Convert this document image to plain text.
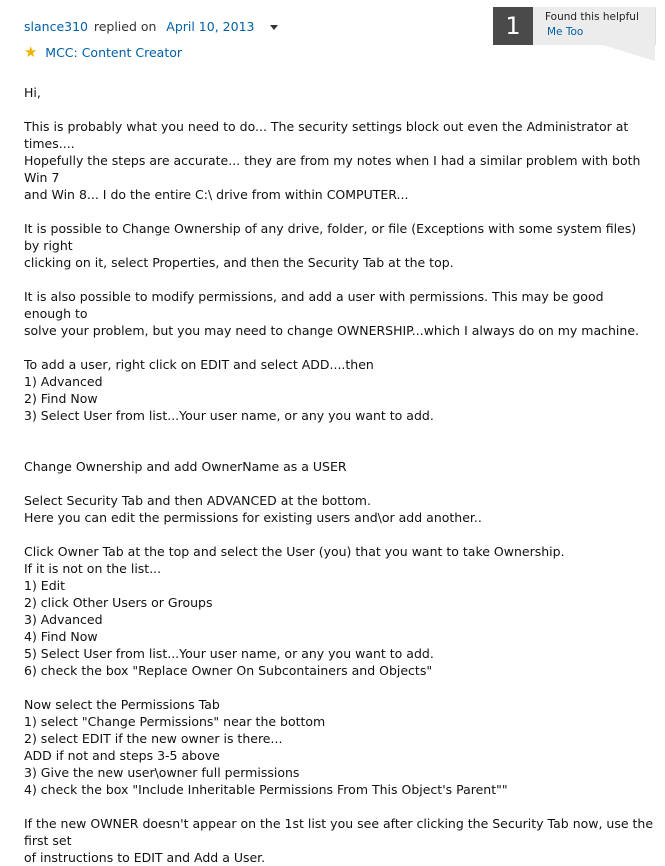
slance310 replied on April 10, 2013
★ MCC: Content Creator
1	Found this helpful
Me Too

Hi,

This is probably what you need to do... The security settings block out even the Administrator at times....

Hopefully the steps are accurate... they are from my notes when I had a similar problem with both Win 7

and Win 8... I do the entire C:\ drive from within COMPUTER...

It is possible to Change Ownership of any drive, folder, or file (Exceptions with some system files) by right

clicking on it, select Properties, and then the Security Tab at the top.

It is also possible to modify permissions, and add a user with permissions. This may be good enough to

solve your problem, but you may need to change OWNERSHIP...which I always do on my machine.

To add a user, right click on EDIT and select ADD....then

1) Advanced

2) Find Now

3) Select User from list...Your user name, or any you want to add.

Change Ownership and add OwnerName as a USER

Select Security Tab and then ADVANCED at the bottom.

Here you can edit the permissions for existing users and\or add another..

Click Owner Tab at the top and select the User (you) that you want to take Ownership.

If it is not on the list...

1) Edit

2) click Other Users or Groups

3) Advanced

4) Find Now

5) Select User from list...Your user name, or any you want to add.

6) check the box "Replace Owner On Subcontainers and Objects"

Now select the Permissions Tab

1) select "Change Permissions" near the bottom

2) select EDIT if the new owner is there...

ADD if not and steps 3-5 above

3) Give the new user\owner full permissions

4) check the box "Include Inheritable Permissions From This Object's Parent""

If the new OWNER doesn't appear on the 1st list you see after clicking the Security Tab now, use the first set

of instructions to EDIT and Add a User.
